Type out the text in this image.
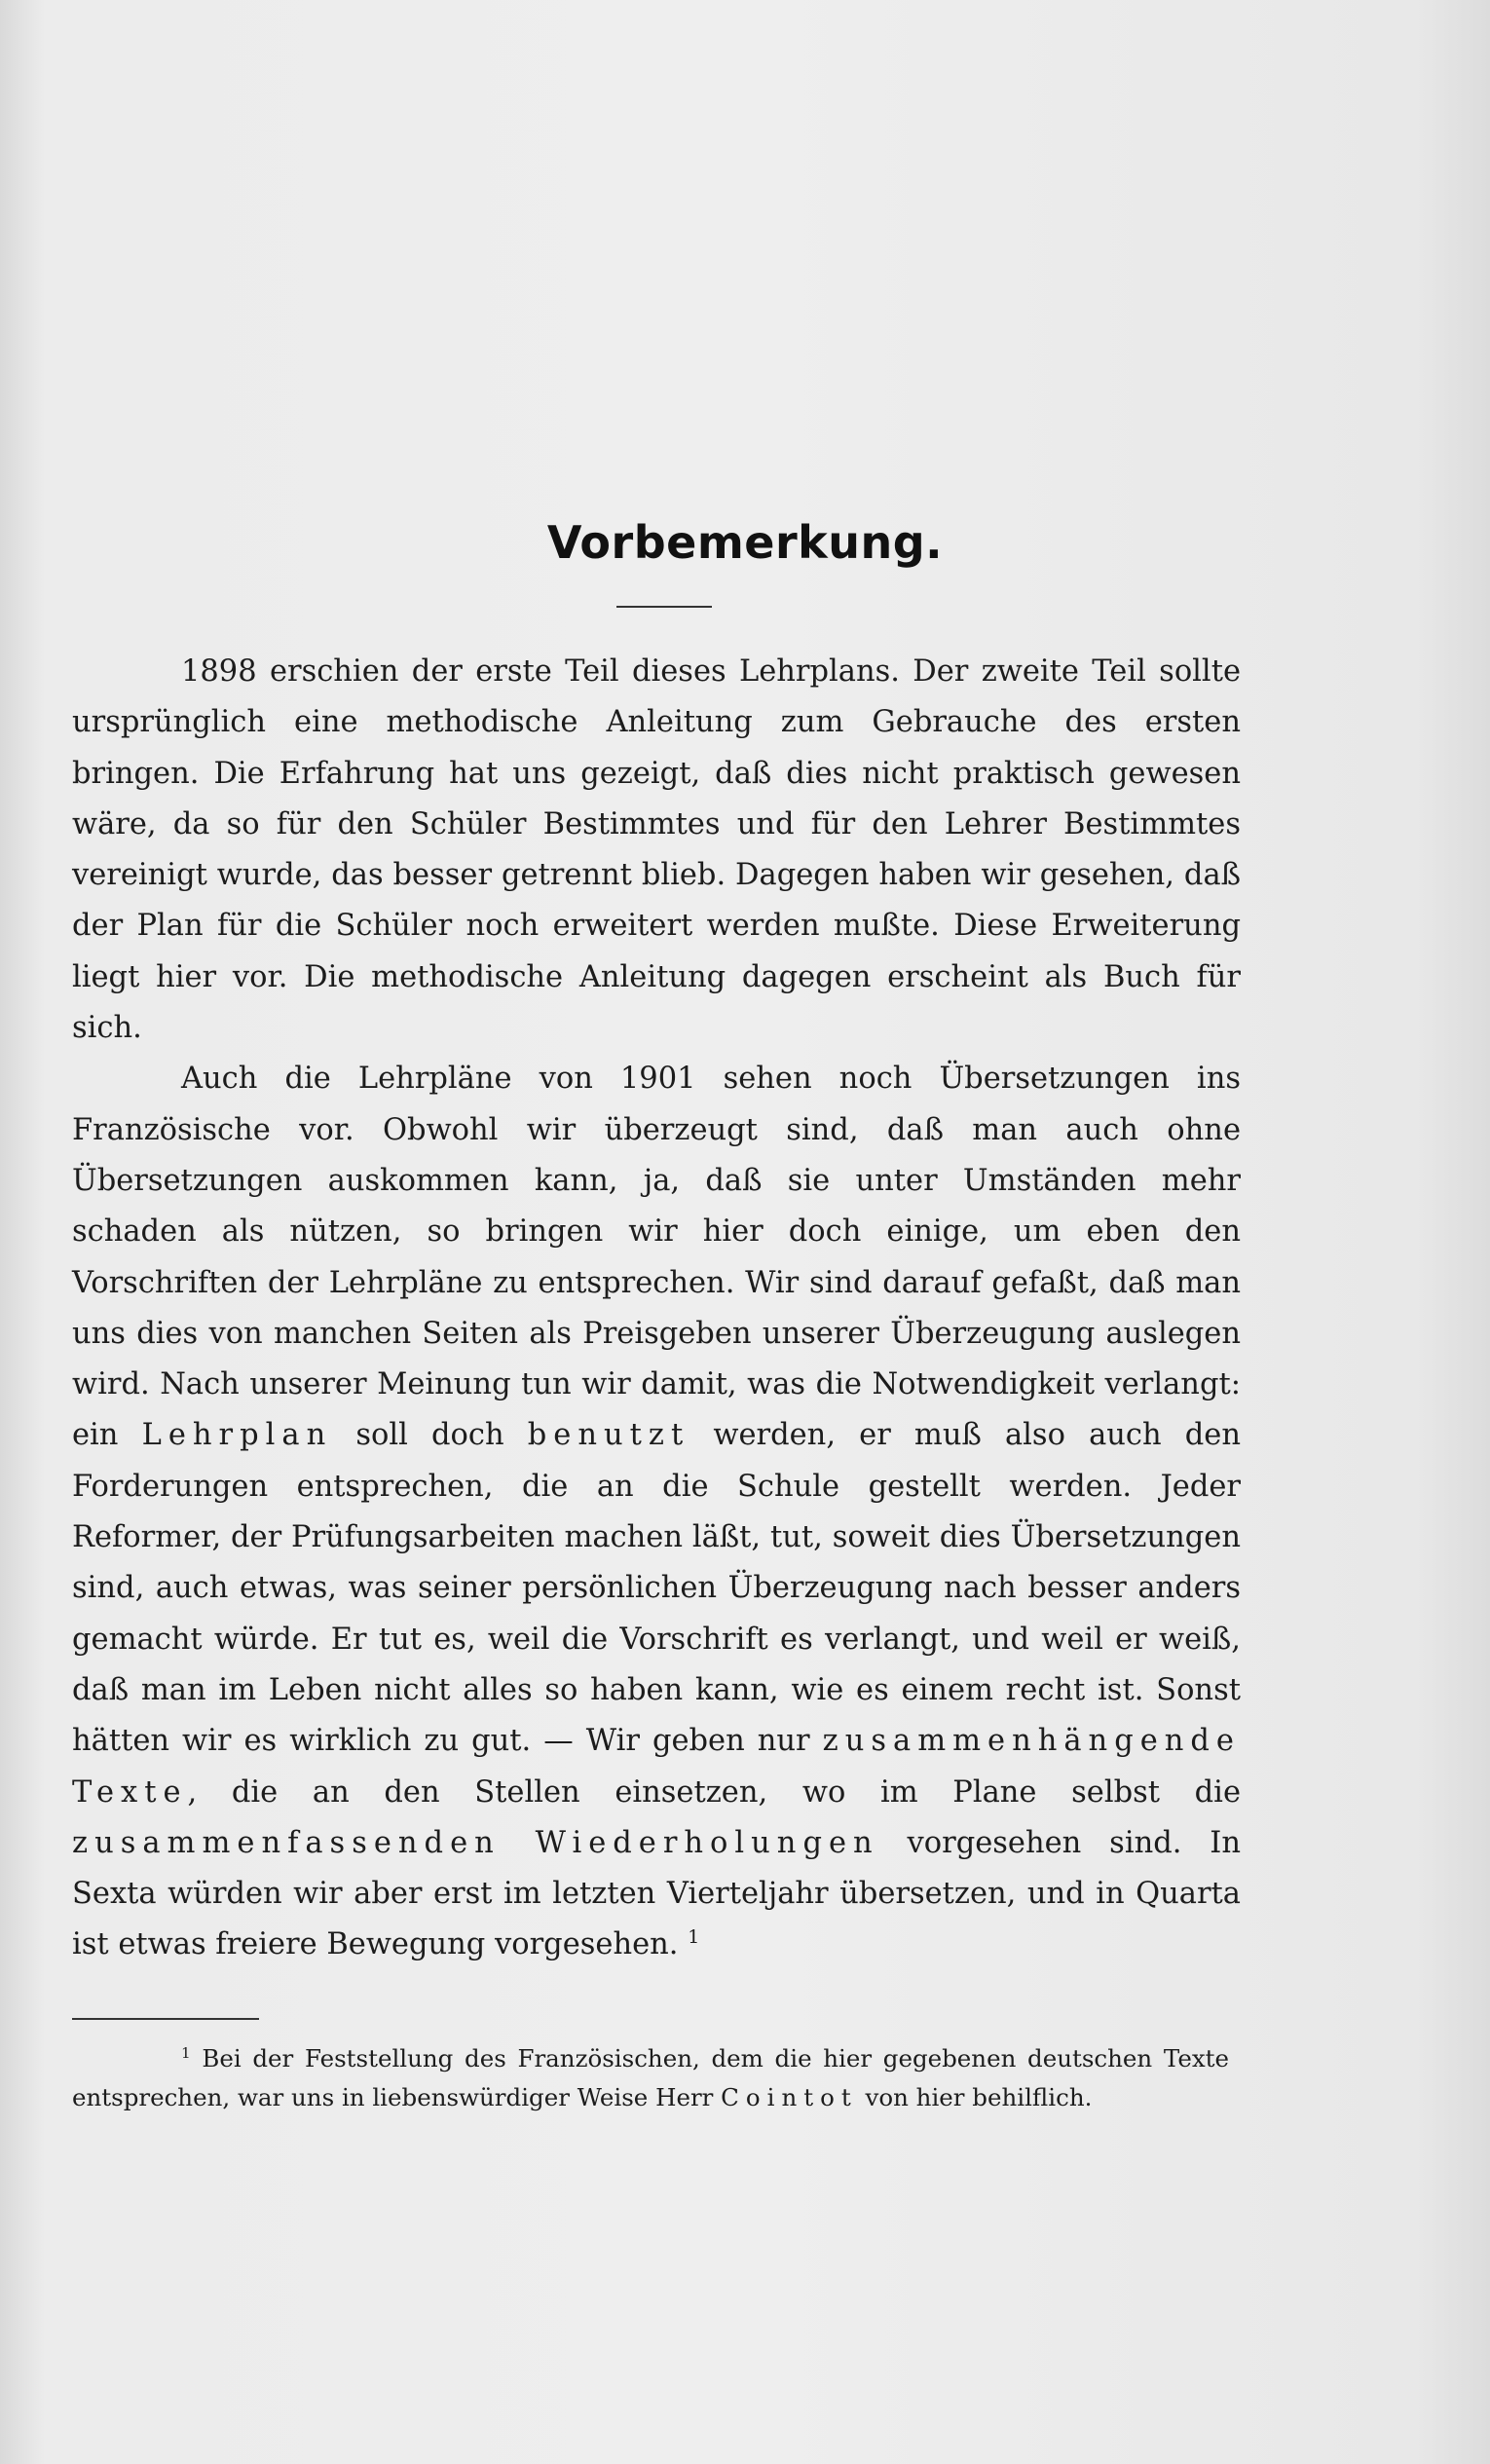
Vorbemerkung.

1898 erschien der erste Teil dieses Lehrplans. Der zweite Teil sollte ursprünglich eine methodische Anleitung zum Gebrauche des ersten bringen. Die Erfahrung hat uns gezeigt, daß dies nicht praktisch gewesen wäre, da so für den Schüler Bestimmtes und für den Lehrer Bestimmtes vereinigt wurde, das besser getrennt blieb. Dagegen haben wir gesehen, daß der Plan für die Schüler noch erweitert werden mußte. Diese Erweiterung liegt hier vor. Die methodische Anleitung dagegen erscheint als Buch für sich.

Auch die Lehrpläne von 1901 sehen noch Übersetzungen ins Französische vor. Obwohl wir überzeugt sind, daß man auch ohne Übersetzungen auskommen kann, ja, daß sie unter Umständen mehr schaden als nützen, so bringen wir hier doch einige, um eben den Vorschriften der Lehrpläne zu entsprechen. Wir sind darauf gefaßt, daß man uns dies von manchen Seiten als Preisgeben unserer Überzeugung auslegen wird. Nach unserer Meinung tun wir damit, was die Notwendigkeit verlangt: ein Lehrplan soll doch benutzt werden, er muß also auch den Forderungen entsprechen, die an die Schule gestellt werden. Jeder Reformer, der Prüfungsarbeiten machen läßt, tut, soweit dies Übersetzungen sind, auch etwas, was seiner persönlichen Überzeugung nach besser anders gemacht würde. Er tut es, weil die Vorschrift es verlangt, und weil er weiß, daß man im Leben nicht alles so haben kann, wie es einem recht ist. Sonst hätten wir es wirklich zu gut. — Wir geben nur zusammenhängende Texte, die an den Stellen einsetzen, wo im Plane selbst die zusammenfassenden Wiederholungen vorgesehen sind. In Sexta würden wir aber erst im letzten Vierteljahr übersetzen, und in Quarta ist etwas freiere Bewegung vorgesehen. $^1$

$^1$ Bei der Feststellung des Französischen, dem die hier gegebenen deutschen Texte entsprechen, war uns in liebenswürdiger Weise Herr Cointot von hier behilflich.
